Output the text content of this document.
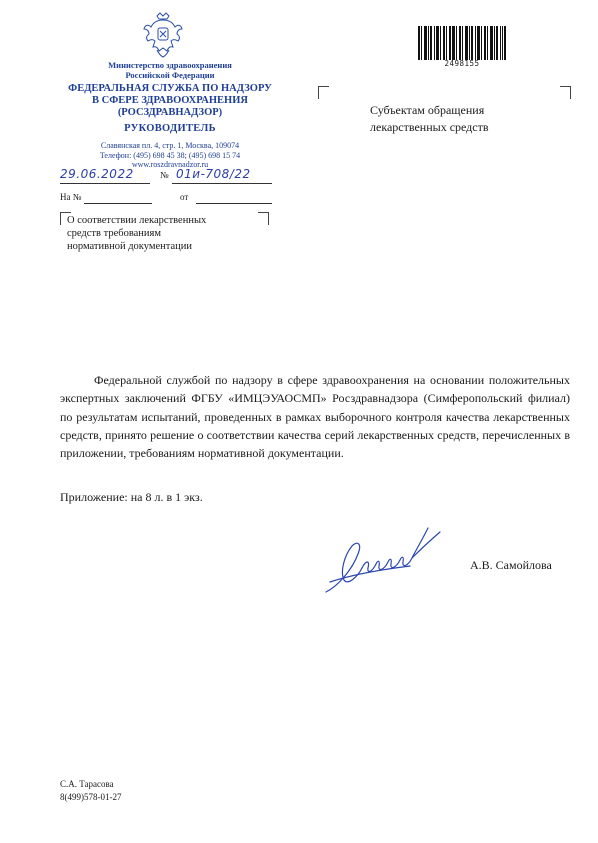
Министерство здравоохранения
Российской Федерации
ФЕДЕРАЛЬНАЯ СЛУЖБА ПО НАДЗОРУ
В СФЕРЕ ЗДРАВООХРАНЕНИЯ
(РОСЗДРАВНАДЗОР)
РУКОВОДИТЕЛЬ
Славянская пл. 4, стр. 1, Москва, 109074
Телефон: (495) 698 45 38; (495) 698 15 74
www.roszdravnadzor.ru
29.06.2022	№ 01и-708/22
На №	от
2498155
Субъектам обращения
лекарственных средств
О соответствии лекарственных
средств требованиям
нормативной документации
Федеральной службой по надзору в сфере здравоохранения на основании положительных экспертных заключений ФГБУ «ИМЦЭУАОСМП» Росздравнадзора (Симферопольский филиал) по результатам испытаний, проведенных в рамках выборочного контроля качества лекарственных средств, принято решение о соответствии качества серий лекарственных средств, перечисленных в приложении, требованиям нормативной документации.
Приложение: на 8 л. в 1 экз.
А.В. Самойлова
С.А. Тарасова
8(499)578-01-27
